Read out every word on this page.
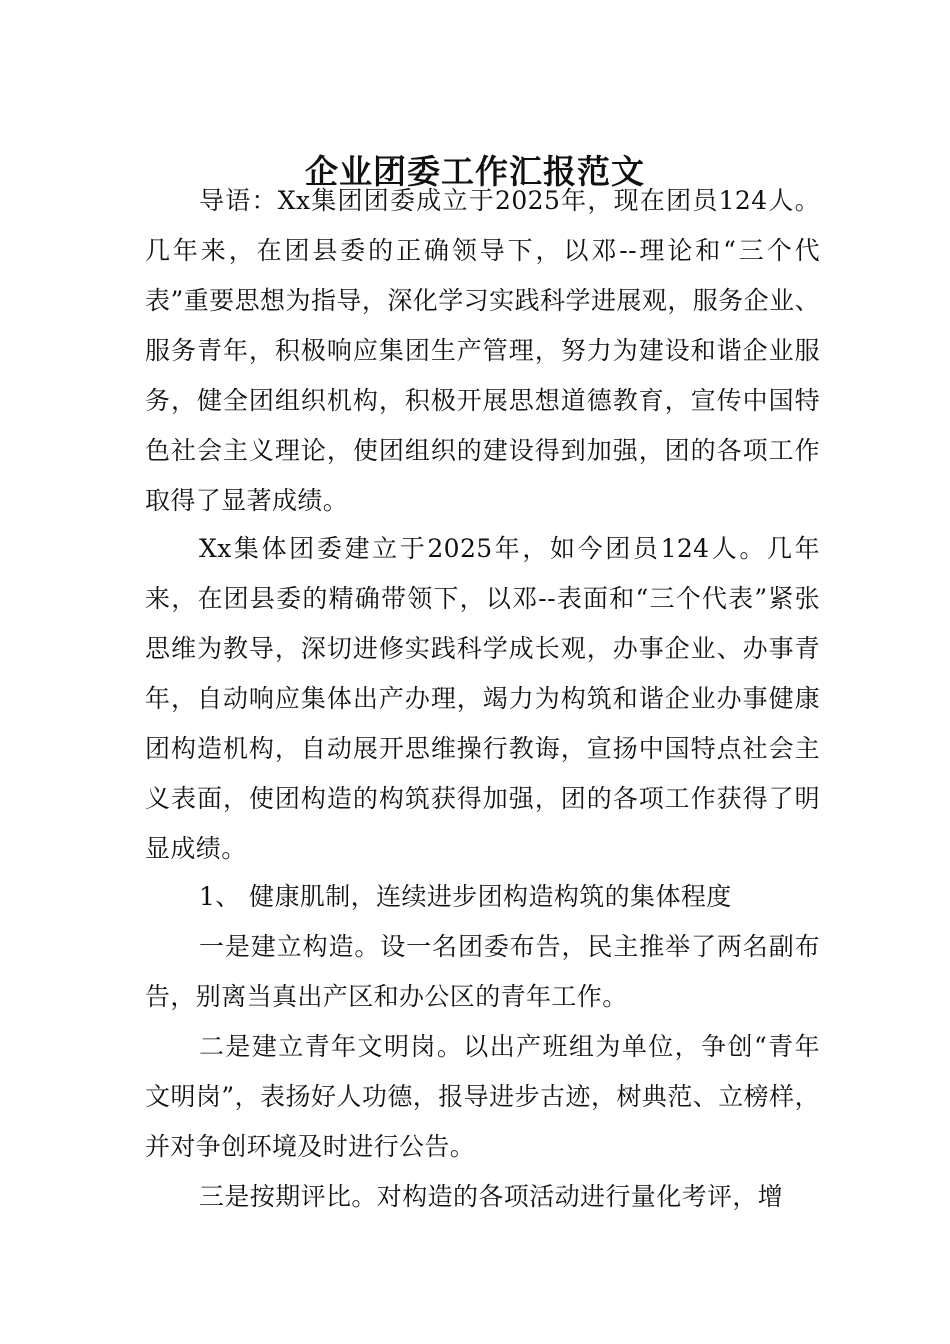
企业团委工作汇报范文

导语：Xx集团团委成立于2025年，现在团员124人。几年来，在团县委的正确领导下，以邓--理论和“三个代表”重要思想为指导，深化学习实践科学进展观，服务企业、服务青年，积极响应集团生产管理，努力为建设和谐企业服务，健全团组织机构，积极开展思想道德教育，宣传中国特色社会主义理论，使团组织的建设得到加强，团的各项工作取得了显著成绩。

Xx集体团委建立于2025年，如今团员124人。几年来，在团县委的精确带领下，以邓--表面和“三个代表”紧张思维为教导，深切进修实践科学成长观，办事企业、办事青年，自动响应集体出产办理，竭力为构筑和谐企业办事健康团构造机构，自动展开思维操行教诲，宣扬中国特点社会主义表面，使团构造的构筑获得加强，团的各项工作获得了明显成绩。

1、 健康肌制，连续进步团构造构筑的集体程度

一是建立构造。设一名团委布告，民主推举了两名副布告，别离当真出产区和办公区的青年工作。

二是建立青年文明岗。以出产班组为单位，争创“青年文明岗”，表扬好人功德，报导进步古迹，树典范、立榜样，并对争创环境及时进行公告。

三是按期评比。对构造的各项活动进行量化考评，增
